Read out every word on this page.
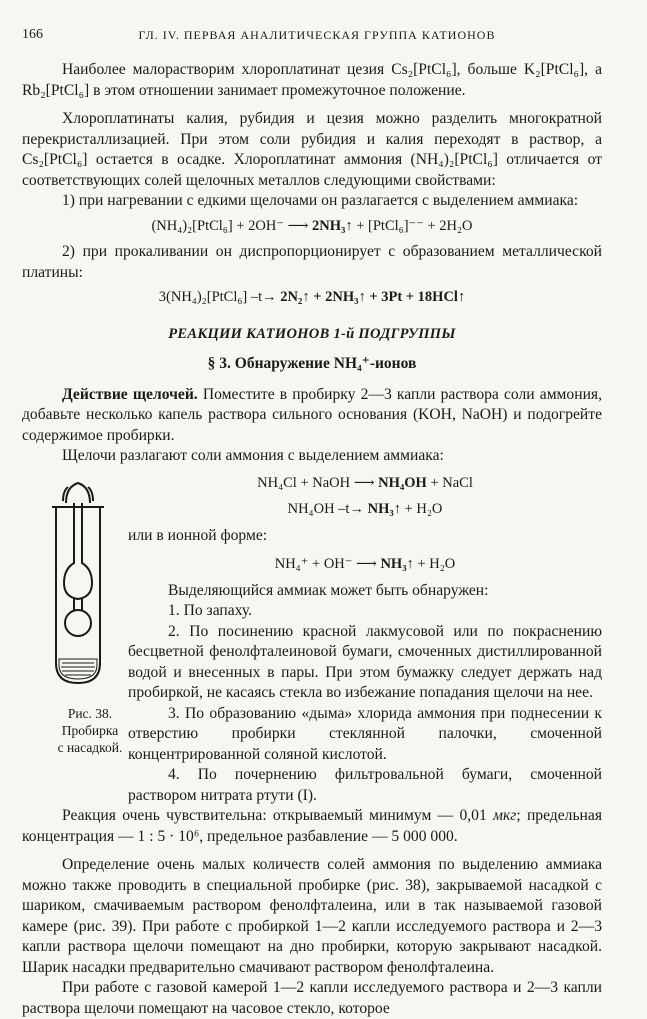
166	ГЛ. IV. ПЕРВАЯ АНАЛИТИЧЕСКАЯ ГРУППА КАТИОНОВ

Наиболее малорастворим хлороплатинат цезия Cs₂[PtCl₆], больше K₂[PtCl₆], а Rb₂[PtCl₆] в этом отношении занимает промежуточное положение.

Хлороплатинаты калия, рубидия и цезия можно разделить многократной перекристаллизацией. При этом соли рубидия и калия переходят в раствор, а Cs₂[PtCl₆] остается в осадке. Хлороплатинат аммония (NH₄)₂[PtCl₆] отличается от соответствующих солей щелочных металлов следующими свойствами:

1) при нагревании с едкими щелочами он разлагается с выделением аммиака:

(NH₄)₂[PtCl₆] + 2OH⁻ ⟶ 2NH₃↑ + [PtCl₆]⁻⁻ + 2H₂O

2) при прокаливании он диспропорционирует с образованием металлической платины:

3(NH₄)₂[PtCl₆] –t→ 2N₂↑ + 2NH₃↑ + 3Pt + 18HCl↑
РЕАКЦИИ КАТИОНОВ 1-й ПОДГРУППЫ
§ 3. Обнаружение NH₄⁺-ионов

Действие щелочей. Поместите в пробирку 2—3 капли раствора соли аммония, добавьте несколько капель раствора сильного основания (KOH, NaOH) и подогрейте содержимое пробирки.

Щелочи разлагают соли аммония с выделением аммиака:

NH₄Cl + NaOH ⟶ NH₄OH + NaCl
NH₄OH –t→ NH₃↑ + H₂O

или в ионной форме:

NH₄⁺ + OH⁻ ⟶ NH₃↑ + H₂O

Выделяющийся аммиак может быть обнаружен:

1. По запаху.

2. По посинению красной лакмусовой или по покраснению бесцветной фенолфталеиновой бумаги, смоченных дистиллированной водой и внесенных в пары. При этом бумажку следует держать над пробиркой, не касаясь стекла во избежание попадания щелочи на нее.

3. По образованию «дыма» хлорида аммония при поднесении к отверстию пробирки стеклянной палочки, смоченной концентрированной соляной кислотой.

4. По почернению фильтровальной бумаги, смоченной раствором нитрата ртути (I).

Рис. 38.
Пробирка
с насадкой.

Реакция очень чувствительна: открываемый минимум — 0,01 мкг; предельная концентрация — 1 : 5 · 10⁶, предельное разбавление — 5 000 000.

Определение очень малых количеств солей аммония по выделению аммиака можно также проводить в специальной пробирке (рис. 38), закрываемой насадкой с шариком, смачиваемым раствором фенолфталеина, или в так называемой газовой камере (рис. 39). При работе с пробиркой 1—2 капли исследуемого раствора и 2—3 капли раствора щелочи помещают на дно пробирки, которую закрывают насадкой. Шарик насадки предварительно смачивают раствором фенолфталеина.

При работе с газовой камерой 1—2 капли исследуемого раствора и 2—3 капли раствора щелочи помещают на часовое стекло, которое
